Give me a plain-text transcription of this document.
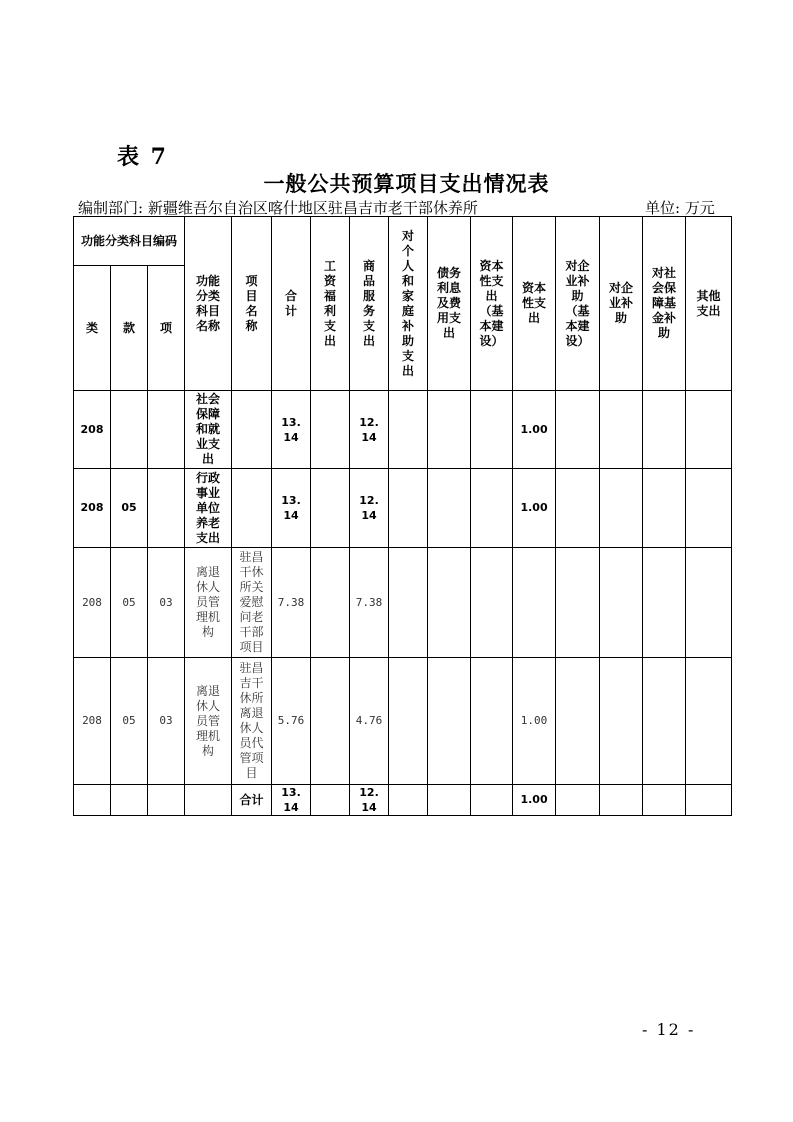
表 7
一般公共预算项目支出情况表
编制部门: 新疆维吾尔自治区喀什地区驻昌吉市老干部休养所	单位: 万元
功能分类科目编码			功能分类科目名称	项目名称	合计	工资福利支出	商品服务支出	对个人和家庭补助支出	债务利息及费用支出	资本性支出（基本建设）	资本性支出	对企业补助（基本建设）	对企业补助	对社会保障基金补助	其他支出
类	款	项													
208			社会保障和就业支出		13.14		12.14				1.00				
208	05		行政事业单位养老支出		13.14		12.14				1.00				
208	05	03	离退休人员管理机构	驻昌干休所关爱慰问老干部项目	7.38		7.38								
208	05	03	离退休人员管理机构	驻昌吉干休所离退休人员代管项目	5.76		4.76				1.00				
				合计	13.14		12.14				1.00				
- 12 -
